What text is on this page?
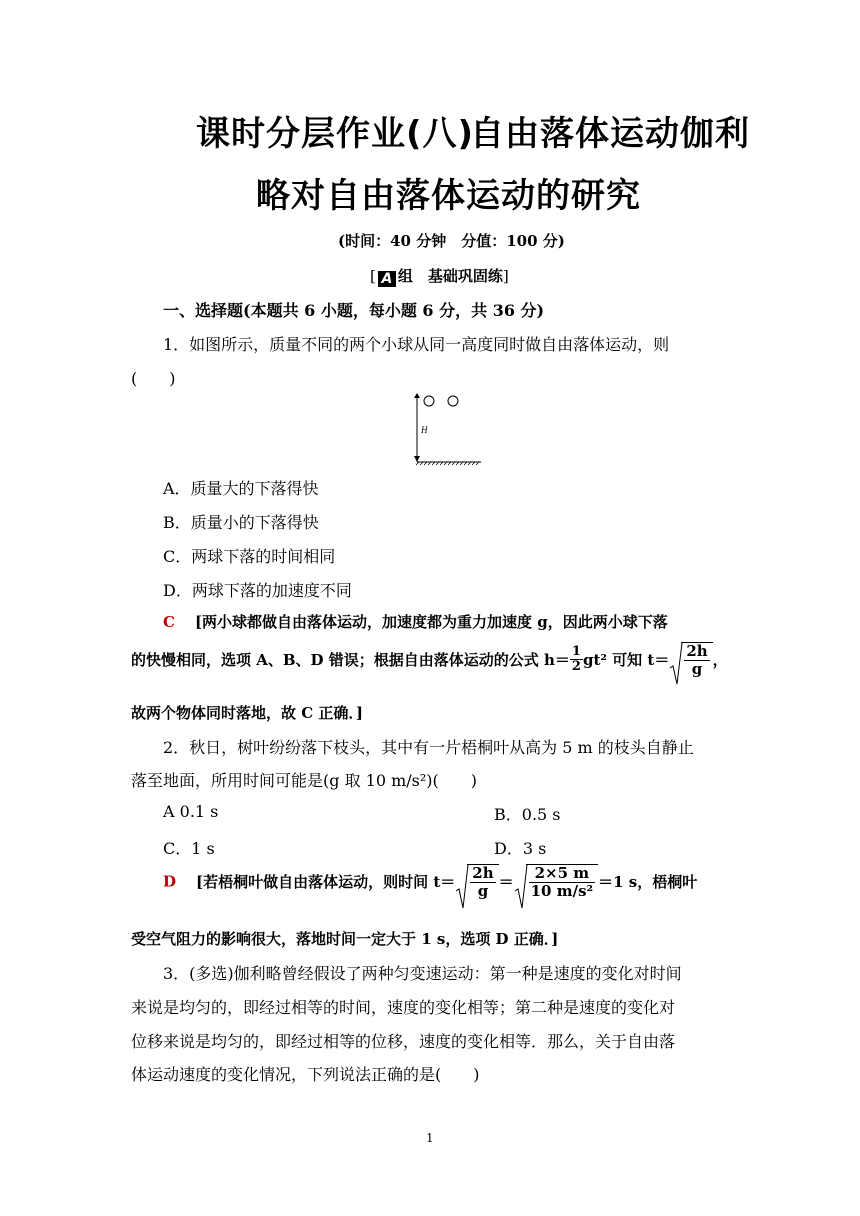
课时分层作业(八)
自由落体运动伽利
略对自由落体运动的研究
(时间：40 分钟　分值：100 分)
[ A 组　基础巩固练]
一、选择题(本题共 6 小题，每小题 6 分，共 36 分)
1．如图所示，质量不同的两个小球从同一高度同时做自由落体运动，则
(　　)
H
A．质量大的下落得快
B．质量小的下落得快
C．两球下落的时间相同
D．两球下落的加速度不同
C [两小球都做自由落体运动，加速度都为重力加速度 g，因此两小球下落
的快慢相同，选项 A、B、D 错误；根据自由落体运动的公式 $h= \frac{1}{2} gt^2$ 可知 $t= \frac{2h}{g}$ ，
故两个物体同时落地，故 C 正确．]
2．秋日，树叶纷纷落下枝头，其中有一片梧桐叶从高为 5 m 的枝头自静止
落至地面，所用时间可能是(g 取 10 m/s²)(　　)
A 0.1 s	B．0.5 s
C．1 s	D．3 s
D [若梧桐叶做自由落体运动，则时间 $t= \frac{2h}{g} = \frac{2\times 5 m}{\text{10 m/s²}} =1$ s，梧桐叶
受空气阻力的影响很大，落地时间一定大于 1 s，选项 D 正确．]
3．(多选)伽利略曾经假设了两种匀变速运动：第一种是速度的变化对时间
来说是均匀的，即经过相等的时间，速度的变化相等；第二种是速度的变化对
位移来说是均匀的，即经过相等的位移，速度的变化相等．那么，关于自由落
体运动速度的变化情况，下列说法正确的是(　　)
1
